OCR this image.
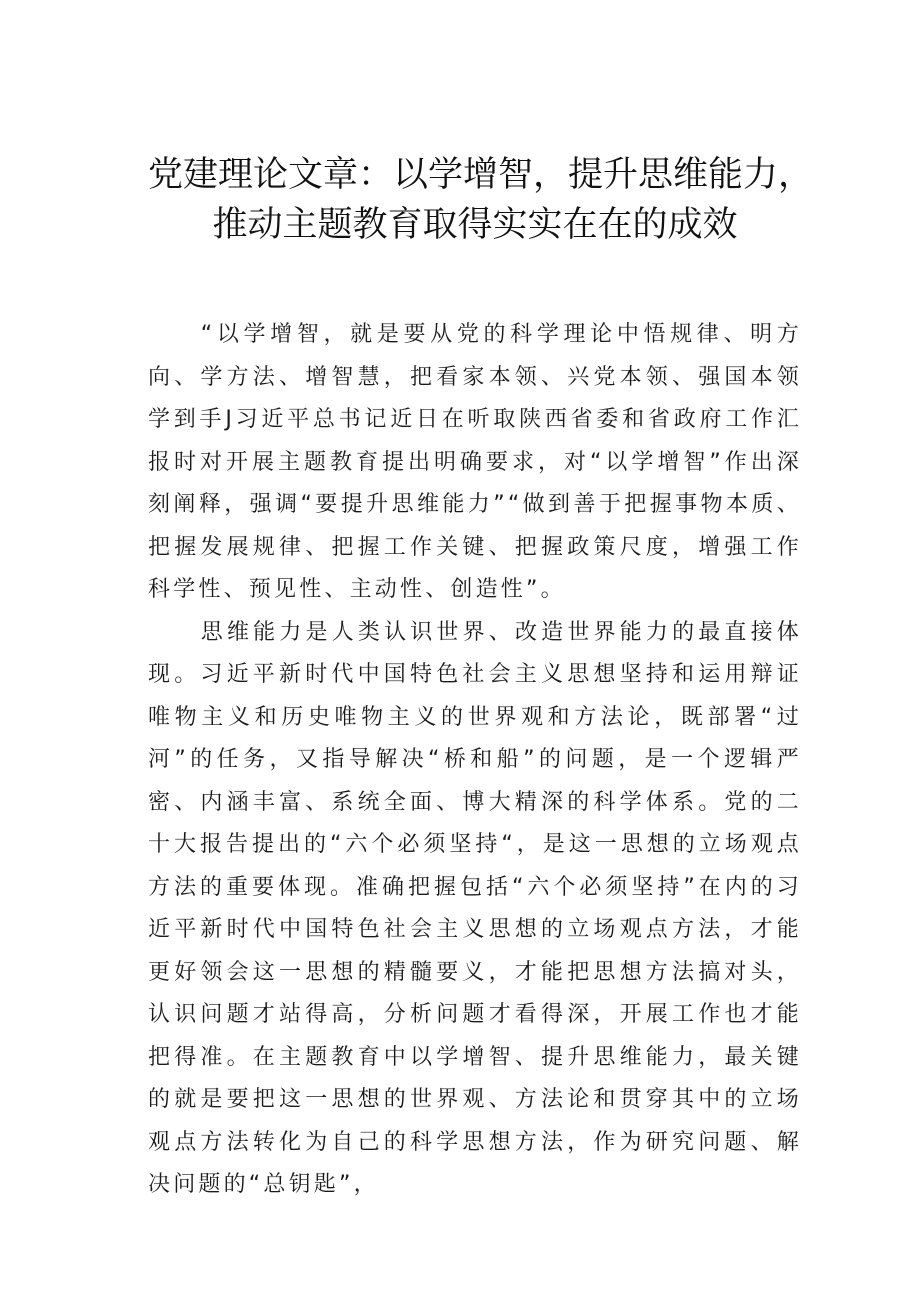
党建理论文章：以学增智，提升思维能力，
推动主题教育取得实实在在的成效

“以学增智，就是要从党的科学理论中悟规律、明方向、学方法、增智慧，把看家本领、兴党本领、强国本领学到手J习近平总书记近日在听取陕西省委和省政府工作汇报时对开展主题教育提出明确要求，对“以学增智”作出深刻阐释，强调“要提升思维能力”“做到善于把握事物本质、把握发展规律、把握工作关键、把握政策尺度，增强工作科学性、预见性、主动性、创造性”。

思维能力是人类认识世界、改造世界能力的最直接体现。习近平新时代中国特色社会主义思想坚持和运用辩证唯物主义和历史唯物主义的世界观和方法论，既部署“过河”的任务，又指导解决“桥和船”的问题，是一个逻辑严密、内涵丰富、系统全面、博大精深的科学体系。党的二十大报告提出的“六个必须坚持“，是这一思想的立场观点方法的重要体现。准确把握包括“六个必须坚持”在内的习近平新时代中国特色社会主义思想的立场观点方法，才能更好领会这一思想的精髓要义，才能把思想方法搞对头，认识问题才站得高，分析问题才看得深，开展工作也才能把得准。在主题教育中以学增智、提升思维能力，最关键的就是要把这一思想的世界观、方法论和贯穿其中的立场观点方法转化为自己的科学思想方法，作为研究问题、解决问题的“总钥匙”，
